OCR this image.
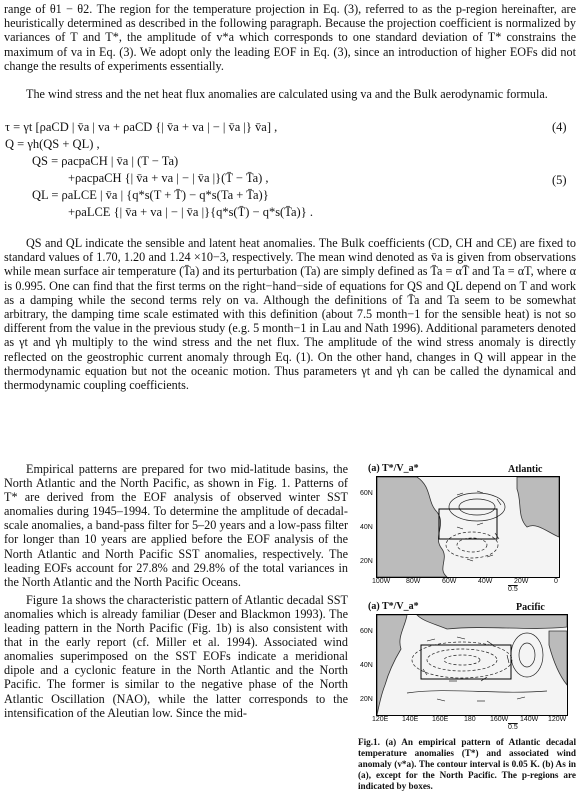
range of θ1 − θ2. The region for the temperature projection in Eq. (3), referred to as the p-region hereinafter, are heuristically determined as described in the following paragraph. Because the projection coefficient is normalized by variances of T and T*, the amplitude of v*a which corresponds to one standard deviation of T* constrains the maximum of va in Eq. (3). We adopt only the leading EOF in Eq. (3), since an introduction of higher EOFs did not change the results of experiments essentially.
The wind stress and the net heat flux anomalies are calculated using va and the Bulk aerodynamic formula.
τ = γt [ρaCD | v̄a | va + ρaCD {| v̄a + va | − | v̄a |} v̄a] ,	(4)
Q = γh(QS + QL) ,
QS = ρacpaCH | v̄a | (T − Ta)
+ρacpaCH {| v̄a + va | − | v̄a |}(T̄ − T̄a) ,	(5)
QL = ρaLCE | v̄a | {q*s(T + T̄) − q*s(Ta + T̄a)}
+ρaLCE {| v̄a + va | − | v̄a |}{q*s(T̄) − q*s(T̄a)} .
QS and QL indicate the sensible and latent heat anomalies. The Bulk coefficients (CD, CH and CE) are fixed to standard values of 1.70, 1.20 and 1.24 ×10−3, respectively. The mean wind denoted as v̄a is given from observations while mean surface air temperature (T̄a) and its perturbation (Ta) are simply defined as T̄a = αT̄ and Ta = αT, where α is 0.995. One can find that the first terms on the right−hand−side of equations for QS and QL depend on T and work as a damping while the second terms rely on va. Although the definitions of T̄a and Ta seem to be somewhat arbitrary, the damping time scale estimated with this definition (about 7.5 month−1 for the sensible heat) is not so different from the value in the previous study (e.g. 5 month−1 in Lau and Nath 1996). Additional parameters denoted as γt and γh multiply to the wind stress and the net flux. The amplitude of the wind stress anomaly is directly reflected on the geostrophic current anomaly through Eq. (1). On the other hand, changes in Q will appear in the thermodynamic equation but not the oceanic motion. Thus parameters γt and γh can be called the dynamical and thermodynamic coupling coefficients.

Empirical patterns are prepared for two mid-latitude basins, the North Atlantic and the North Pacific, as shown in Fig. 1. Patterns of T* are derived from the EOF analysis of observed winter SST anomalies during 1945–1994. To determine the amplitude of decadal-scale anomalies, a band-pass filter for 5–20 years and a low-pass filter for longer than 10 years are applied before the EOF analysis of the North Atlantic and North Pacific SST anomalies, respectively. The leading EOFs account for 27.8% and 29.8% of the total variances in the North Atlantic and the North Pacific Oceans.

Figure 1a shows the characteristic pattern of Atlantic decadal SST anomalies which is already familiar (Deser and Blackmon 1993). The leading pattern in the North Pacific (Fig. 1b) is also consistent with that in the early report (cf. Miller et al. 1994). Associated wind anomalies superimposed on the SST EOFs indicate a meridional dipole and a cyclonic feature in the North Atlantic and the North Pacific. The former is similar to the negative phase of the North Atlantic Oscillation (NAO), while the latter corresponds to the intensification of the Aleutian low. Since the mid-

(a) T*/V_a*	Atlantic
60N
40N
20N
100W 80W	60W	40W	20W	0
0.5
(a) T*/V_a*	Pacific
60N
40N
20N
120E 140E 160E 180 160W 140W 120W
0.5
Fig.1. (a) An empirical pattern of Atlantic decadal temperature anomalies (T*) and associated wind anomaly (v*a). The contour interval is 0.05 K. (b) As in (a), except for the North Pacific. The p-regions are indicated by boxes.
